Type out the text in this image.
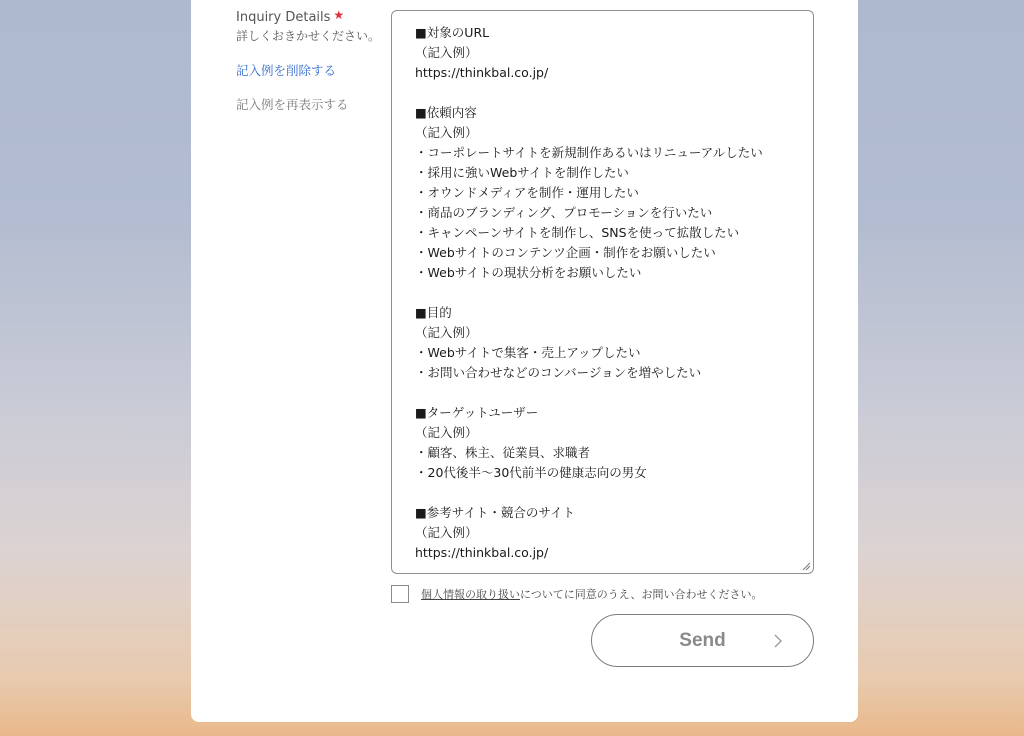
Inquiry Details ★
詳しくおきかせください。
記入例を削除する
記入例を再表示する
■対象のURL
（記入例）
https://thinkbal.co.jp/

■依頼内容
（記入例）
・コーポレートサイトを新規制作あるいはリニューアルしたい
・採用に強いWebサイトを制作したい
・オウンドメディアを制作・運用したい
・商品のブランディング、プロモーションを行いたい
・キャンペーンサイトを制作し、SNSを使って拡散したい
・Webサイトのコンテンツ企画・制作をお願いしたい
・Webサイトの現状分析をお願いしたい

■目的
（記入例）
・Webサイトで集客・売上アップしたい
・お問い合わせなどのコンバージョンを増やしたい

■ターゲットユーザー
（記入例）
・顧客、株主、従業員、求職者
・20代後半〜30代前半の健康志向の男女

■参考サイト・競合のサイト
（記入例）
https://thinkbal.co.jp/
個人情報の取り扱いについてに同意のうえ、お問い合わせください。
Send
